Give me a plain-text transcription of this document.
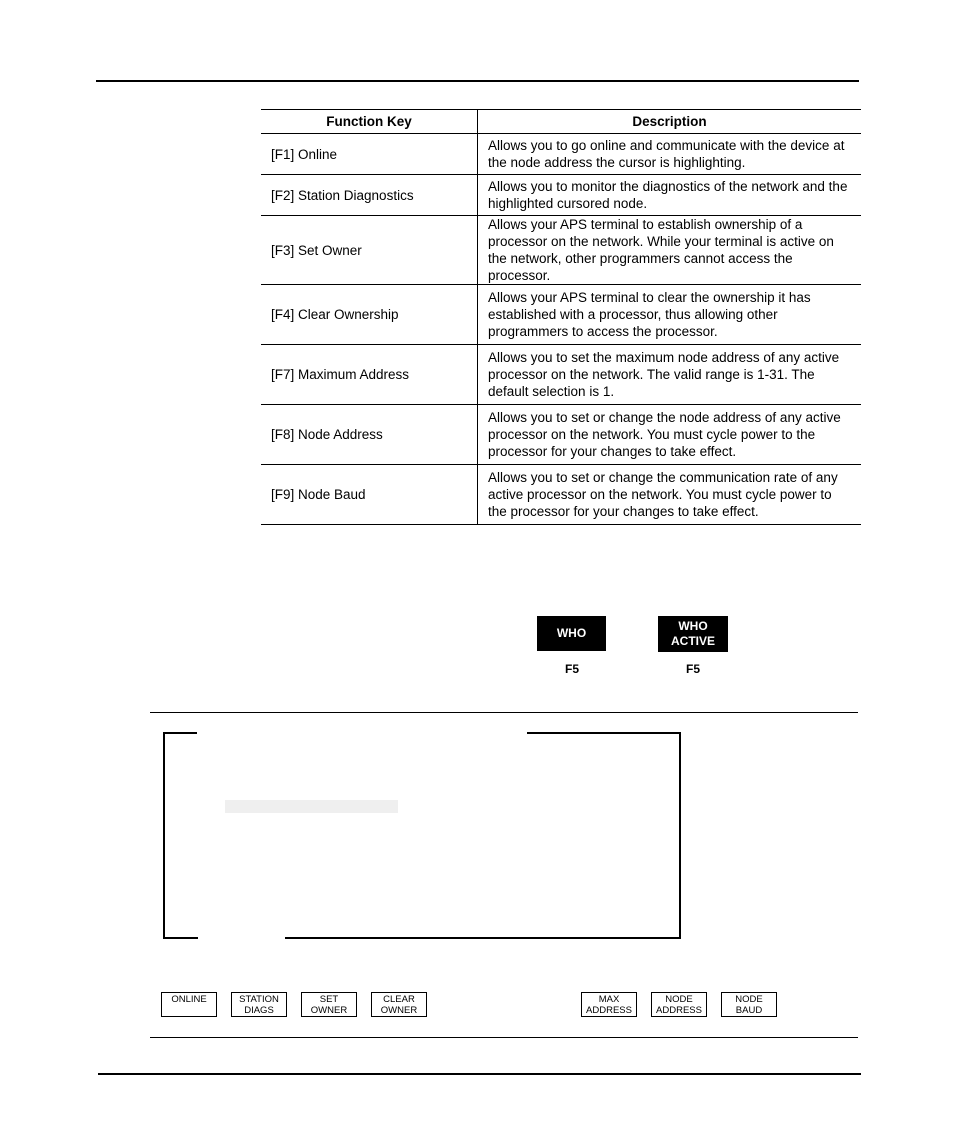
Function Key	Description
[F1] Online	Allows you to go online and communicate with the device at the node address the cursor is highlighting.
[F2] Station Diagnostics	Allows you to monitor the diagnostics of the network and the highlighted cursored node.
[F3] Set Owner	Allows your APS terminal to establish ownership of a processor on the network. While your terminal is active on the network, other programmers cannot access the processor.
[F4] Clear Ownership	Allows your APS terminal to clear the ownership it has established with a processor, thus allowing other programmers to access the processor.
[F7] Maximum Address	Allows you to set the maximum node address of any active processor on the network. The valid range is 1-31. The default selection is 1.
[F8] Node Address	Allows you to set or change the node address of any active processor on the network. You must cycle power to the processor for your changes to take effect.
[F9] Node Baud	Allows you to set or change the communication rate of any active processor on the network. You must cycle power to the processor for your changes to take effect.
WHO
F5
WHO
ACTIVE
F5
ONLINE	STATION
DIAGS
SET
OWNER
CLEAR
OWNER
MAX
ADDRESS
NODE
ADDRESS
NODE
BAUD
